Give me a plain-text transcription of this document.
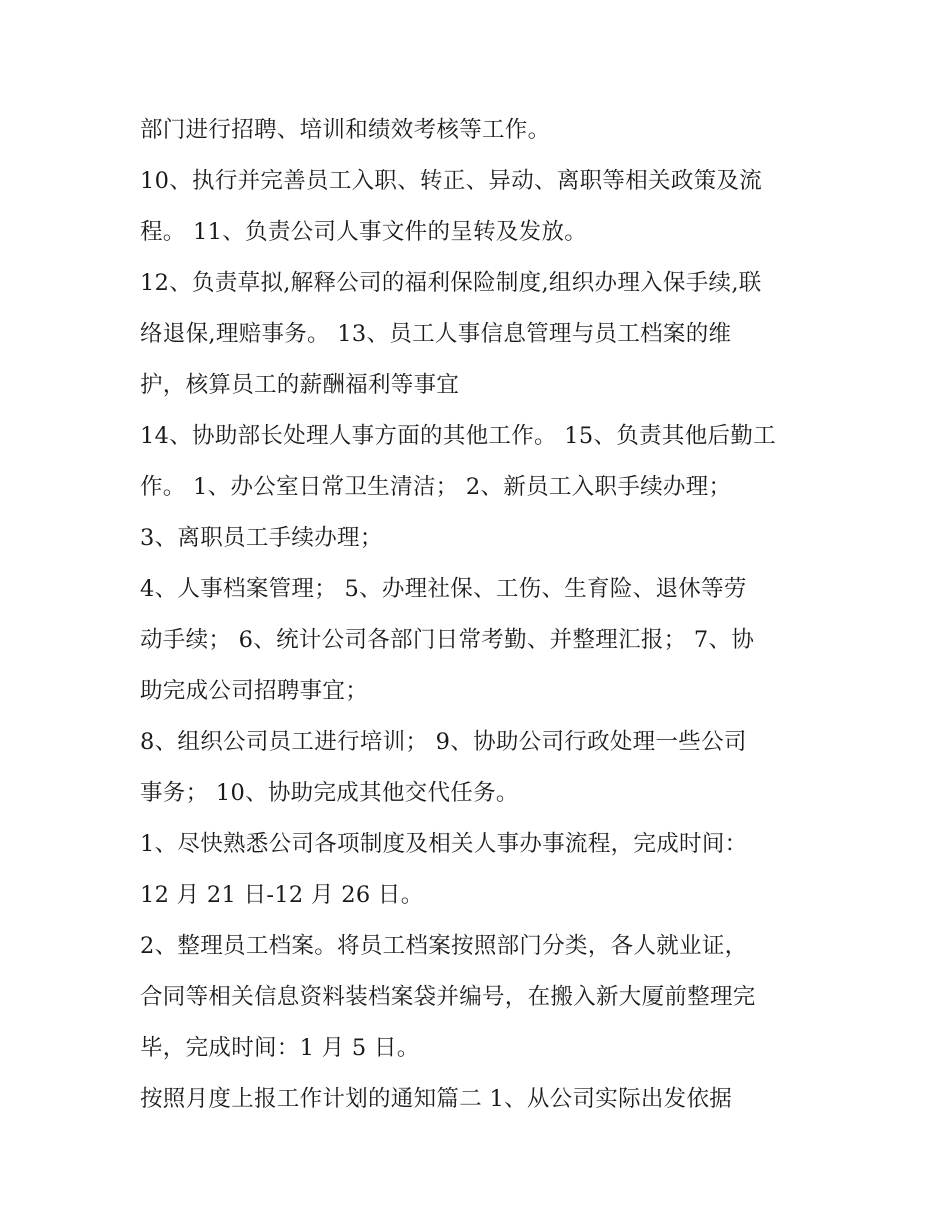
部门进行招聘、培训和绩效考核等工作。

10、执行并完善员工入职、转正、异动、离职等相关政策及流

程。 11、负责公司人事文件的呈转及发放。

12、负责草拟,解释公司的福利保险制度,组织办理入保手续,联

络退保,理赔事务。 13、员工人事信息管理与员工档案的维

护，核算员工的薪酬福利等事宜

14、协助部长处理人事方面的其他工作。 15、负责其他后勤工

作。 1、办公室日常卫生清洁； 2、新员工入职手续办理；

3、离职员工手续办理；

4、人事档案管理； 5、办理社保、工伤、生育险、退休等劳

动手续； 6、统计公司各部门日常考勤、并整理汇报； 7、协

助完成公司招聘事宜；

8、组织公司员工进行培训； 9、协助公司行政处理一些公司

事务； 10、协助完成其他交代任务。

1、尽快熟悉公司各项制度及相关人事办事流程，完成时间：

12 月 21 日-12 月 26 日。

2、整理员工档案。将员工档案按照部门分类，各人就业证，

合同等相关信息资料装档案袋并编号，在搬入新大厦前整理完

毕，完成时间：1 月 5 日。

按照月度上报工作计划的通知篇二 1、从公司实际出发依据
